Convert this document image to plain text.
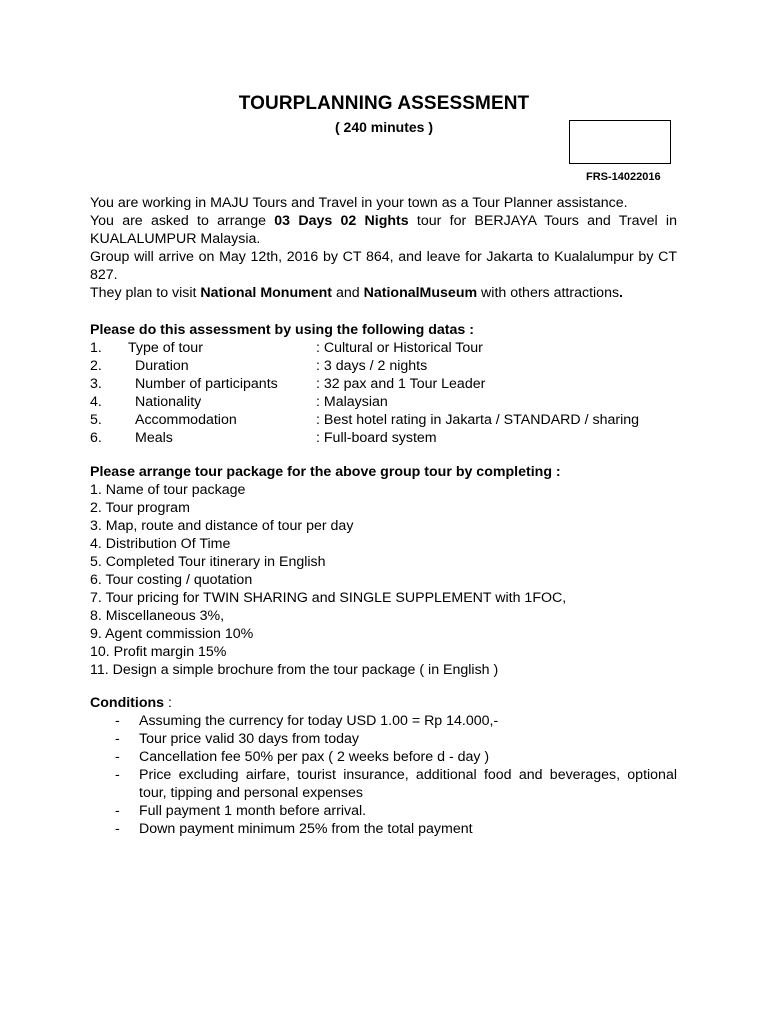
TOURPLANNING ASSESSMENT
( 240 minutes )
FRS-14022016

You are working in MAJU Tours and Travel in your town as a Tour Planner assistance.

You are asked to arrange 03 Days 02 Nights tour for BERJAYA Tours and Travel in KUALALUMPUR Malaysia.

Group will arrive on May 12th, 2016 by CT 864, and leave for Jakarta to Kualalumpur by CT 827.

They plan to visit National Monument and NationalMuseum with others attractions.

Please do this assessment by using the following datas :
1.	Type of tour	: Cultural or Historical Tour
2.	Duration	: 3 days / 2 nights
3.	Number of participants	: 32 pax and 1 Tour Leader
4.	Nationality	: Malaysian
5.	Accommodation	: Best hotel rating in Jakarta / STANDARD / sharing
6.	Meals	: Full-board system
Please arrange tour package for the above group tour by completing :
1. Name of tour package
2. Tour program
3. Map, route and distance of tour per day
4. Distribution Of Time
5. Completed Tour itinerary in English
6. Tour costing / quotation
7. Tour pricing for TWIN SHARING and SINGLE SUPPLEMENT with 1FOC,
8. Miscellaneous 3%,
9. Agent commission 10%
10. Profit margin 15%
11. Design a simple brochure from the tour package ( in English )
Conditions :
-	Assuming the currency for today USD 1.00 = Rp 14.000,-
-	Tour price valid 30 days from today
-	Cancellation fee 50% per pax ( 2 weeks before d - day )
-	Price excluding airfare, tourist insurance, additional food and beverages, optional tour, tipping and personal expenses
-	Full payment 1 month before arrival.
-	Down payment minimum 25% from the total payment
